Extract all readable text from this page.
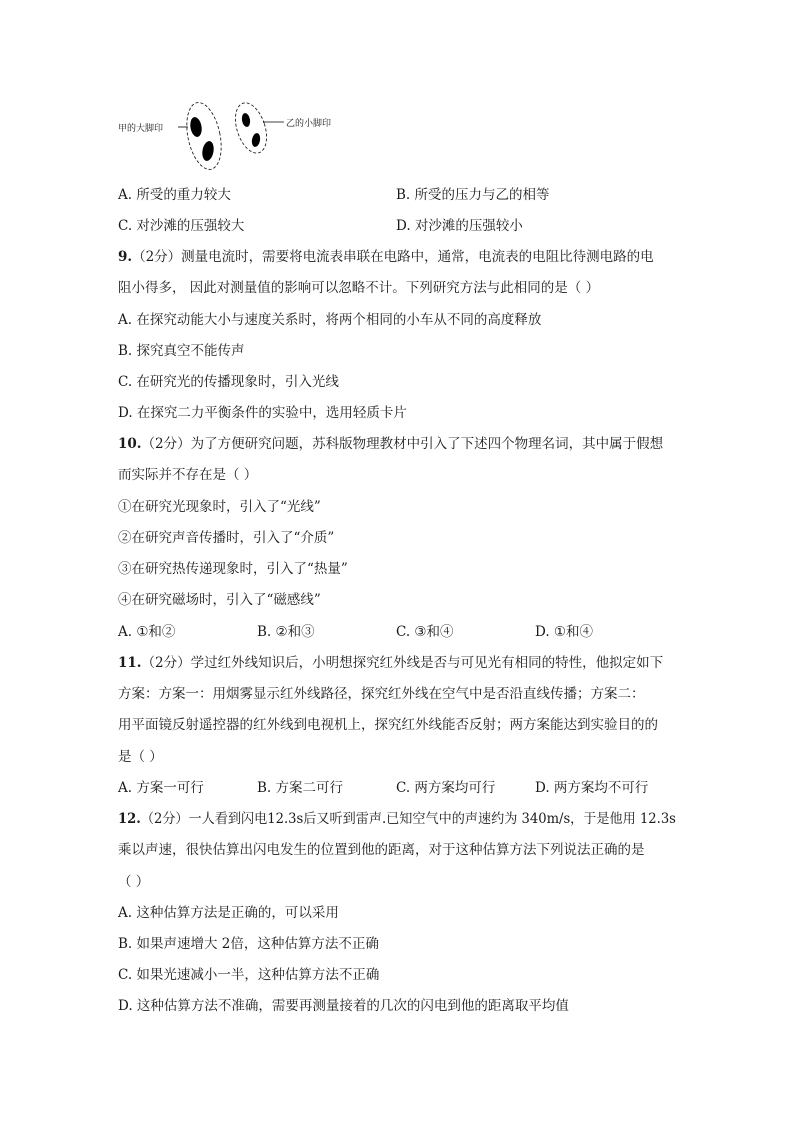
甲的大脚印	乙的小脚印
A. 所受的重力较大	B. 所受的压力与乙的相等
C. 对沙滩的压强较大	D. 对沙滩的压强较小
9.（2分）测量电流时，需要将电流表串联在电路中，通常，电流表的电阻比待测电路的电
阻小得多， 因此对测量值的影响可以忽略不计。下列研究方法与此相同的是（ ）
A. 在探究动能大小与速度关系时，将两个相同的小车从不同的高度释放
B. 探究真空不能传声
C. 在研究光的传播现象时，引入光线
D. 在探究二力平衡条件的实验中，选用轻质卡片
10.（2分）为了方便研究问题，苏科版物理教材中引入了下述四个物理名词，其中属于假想
而实际并不存在是（ ）
①在研究光现象时，引入了“光线”
②在研究声音传播时，引入了“介质”
③在研究热传递现象时，引入了“热量”
④在研究磁场时，引入了“磁感线”
A. ①和②	B. ②和③	C. ③和④	D. ①和④
11.（2分）学过红外线知识后，小明想探究红外线是否与可见光有相同的特性，他拟定如下
方案：方案一：用烟雾显示红外线路径，探究红外线在空气中是否沿直线传播；方案二：
用平面镜反射遥控器的红外线到电视机上，探究红外线能否反射；两方案能达到实验目的的
是（ ）
A. 方案一可行	B. 方案二可行	C. 两方案均可行	D. 两方案均不可行
12.（2分）一人看到闪电12.3s后又听到雷声.已知空气中的声速约为 340m/s，于是他用 12.3s
乘以声速，很快估算出闪电发生的位置到他的距离，对于这种估算方法下列说法正确的是
（ ）
A. 这种估算方法是正确的，可以采用
B. 如果声速增大 2倍，这种估算方法不正确
C. 如果光速减小一半，这种估算方法不正确
D. 这种估算方法不准确，需要再测量接着的几次的闪电到他的距离取平均值
